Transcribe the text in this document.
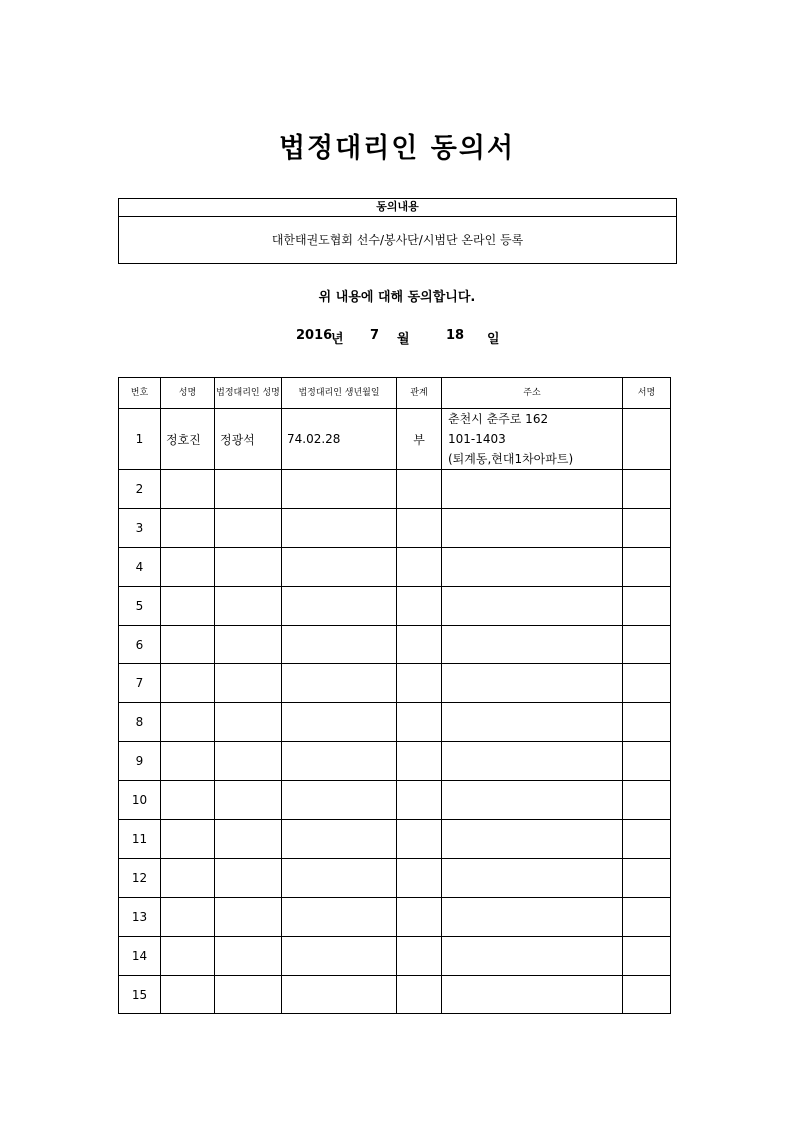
법정대리인 동의서
동의내용
대한태권도협회 선수/봉사단/시범단 온라인 등록
위 내용에 대해 동의합니다.
2016
년 7 월	18 일
번호	성명	법정대리인 성명	법정대리인 생년월일	관계	주소	서명
1	정호진	정광석	74.02.28	부	춘천시 춘주로 162
101-1403
(퇴계동,현대1차아파트)	

2						
3						
4						
5						
6						
7						
8						
9						
10						
11						
12						
13						
14						
15						
